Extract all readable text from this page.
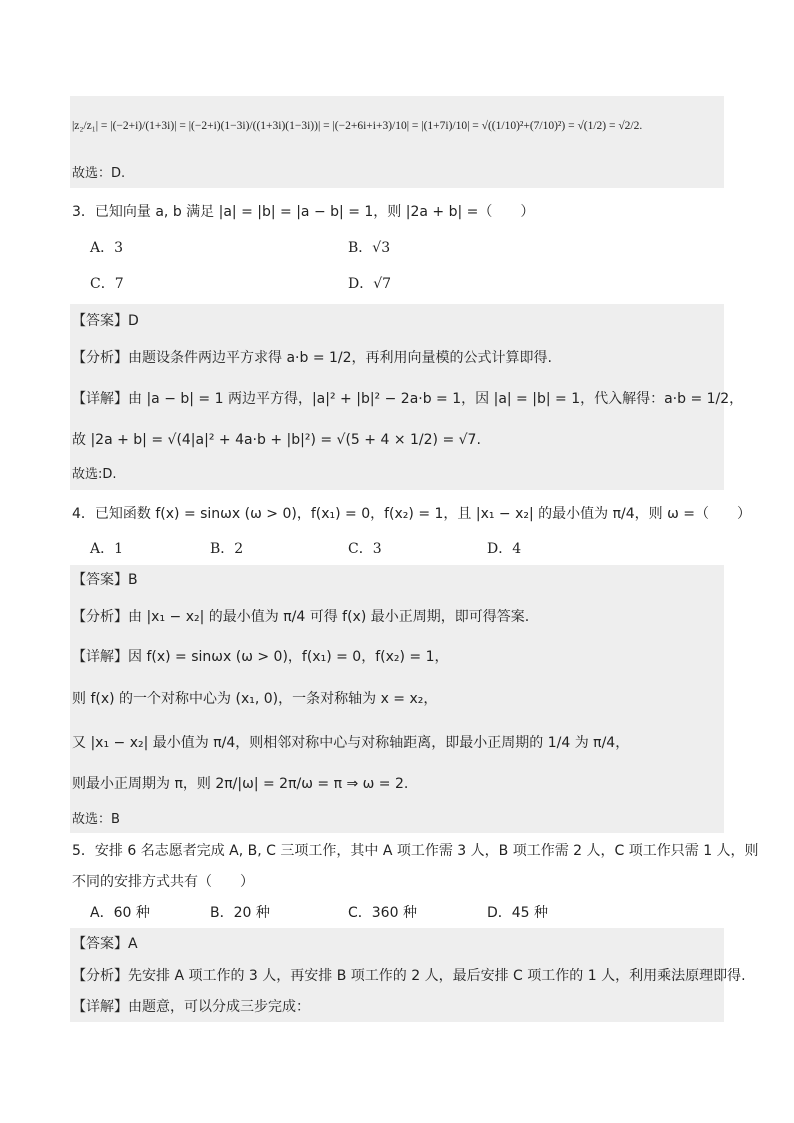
|z₂/z₁| = |(−2+i)/(1+3i)| = |(−2+i)(1−3i)/((1+3i)(1−3i))| = |(−2+6i+i+3)/10| = |(1+7i)/10| = √((1/10)²+(7/10)²) = √(1/2) = √2/2.
故选：D.
3．已知向量 a, b 满足 |a| = |b| = |a − b| = 1，则 |2a + b| =（　　）
A．3	B．√3
C．7	D．√7
【答案】D
【分析】由题设条件两边平方求得 a·b = 1/2，再利用向量模的公式计算即得.
【详解】由 |a − b| = 1 两边平方得，|a|² + |b|² − 2a·b = 1，因 |a| = |b| = 1，代入解得：a·b = 1/2，
故 |2a + b| = √(4|a|² + 4a·b + |b|²) = √(5 + 4 × 1/2) = √7.
故选:D.
4．已知函数 f(x) = sinωx (ω > 0)，f(x₁) = 0，f(x₂) = 1，且 |x₁ − x₂| 的最小值为 π/4，则 ω =（　　）
A．1	B．2	C．3	D．4
【答案】B
【分析】由 |x₁ − x₂| 的最小值为 π/4 可得 f(x) 最小正周期，即可得答案.
【详解】因 f(x) = sinωx (ω > 0)，f(x₁) = 0，f(x₂) = 1，
则 f(x) 的一个对称中心为 (x₁, 0)，一条对称轴为 x = x₂，
又 |x₁ − x₂| 最小值为 π/4，则相邻对称中心与对称轴距离，即最小正周期的 1/4 为 π/4，
则最小正周期为 π，则 2π/|ω| = 2π/ω = π ⇒ ω = 2.
故选：B
5．安排 6 名志愿者完成 A, B, C 三项工作，其中 A 项工作需 3 人，B 项工作需 2 人，C 项工作只需 1 人，则
不同的安排方式共有（　　）
A．60 种	B．20 种	C．360 种	D．45 种
【答案】A
【分析】先安排 A 项工作的 3 人，再安排 B 项工作的 2 人，最后安排 C 项工作的 1 人，利用乘法原理即得.
【详解】由题意，可以分成三步完成：
